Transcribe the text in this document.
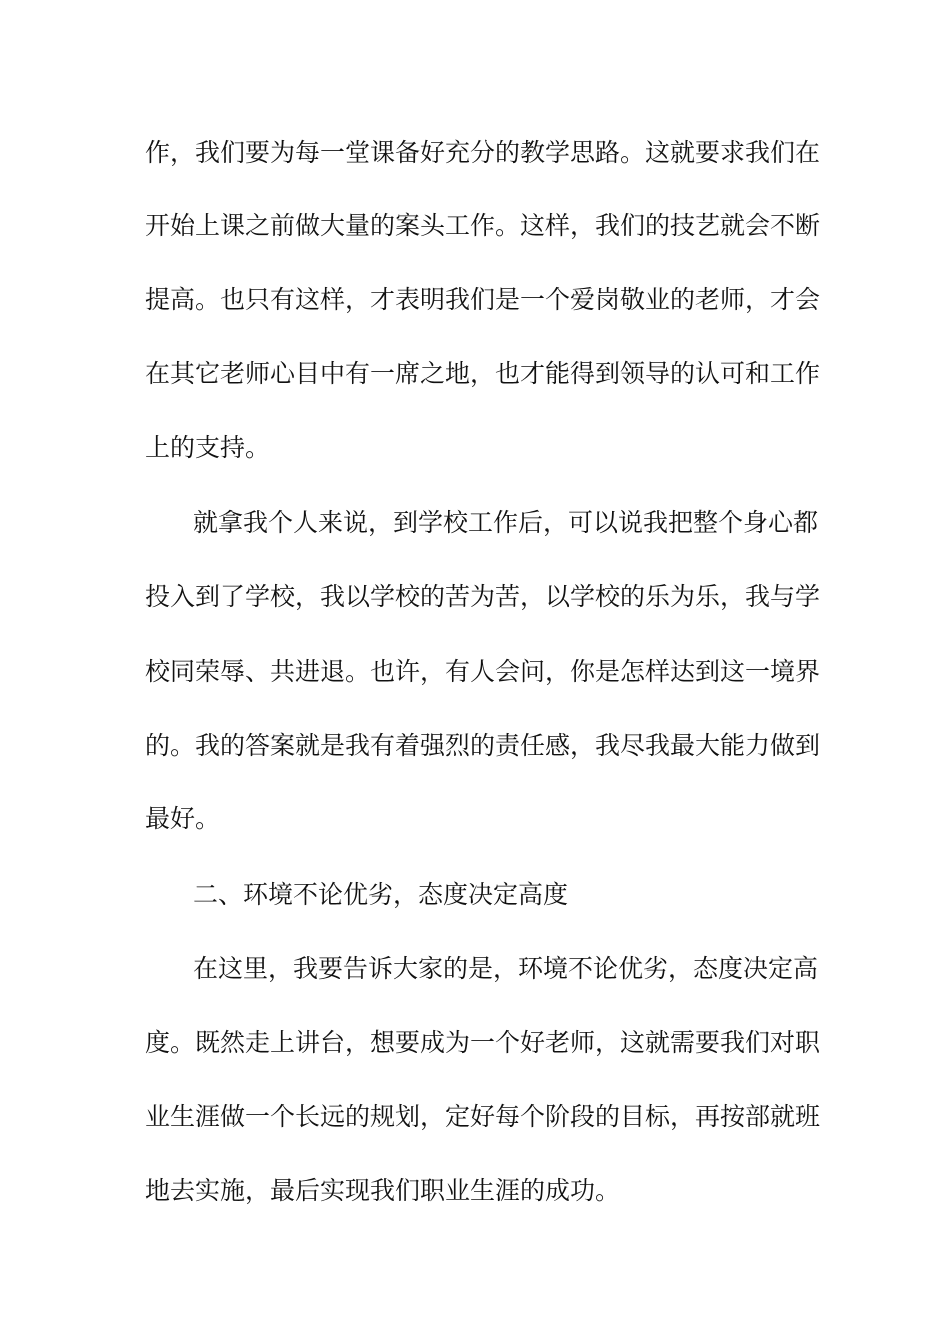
作，我们要为每一堂课备好充分的教学思路。这就要求我们在
开始上课之前做大量的案头工作。这样，我们的技艺就会不断
提高。也只有这样，才表明我们是一个爱岗敬业的老师，才会
在其它老师心目中有一席之地，也才能得到领导的认可和工作
上的支持。
就拿我个人来说，到学校工作后，可以说我把整个身心都
投入到了学校，我以学校的苦为苦，以学校的乐为乐，我与学
校同荣辱、共进退。也许，有人会问，你是怎样达到这一境界
的。我的答案就是我有着强烈的责任感，我尽我最大能力做到
最好。
二、环境不论优劣，态度决定高度
在这里，我要告诉大家的是，环境不论优劣，态度决定高
度。既然走上讲台，想要成为一个好老师，这就需要我们对职
业生涯做一个长远的规划，定好每个阶段的目标，再按部就班
地去实施，最后实现我们职业生涯的成功。
